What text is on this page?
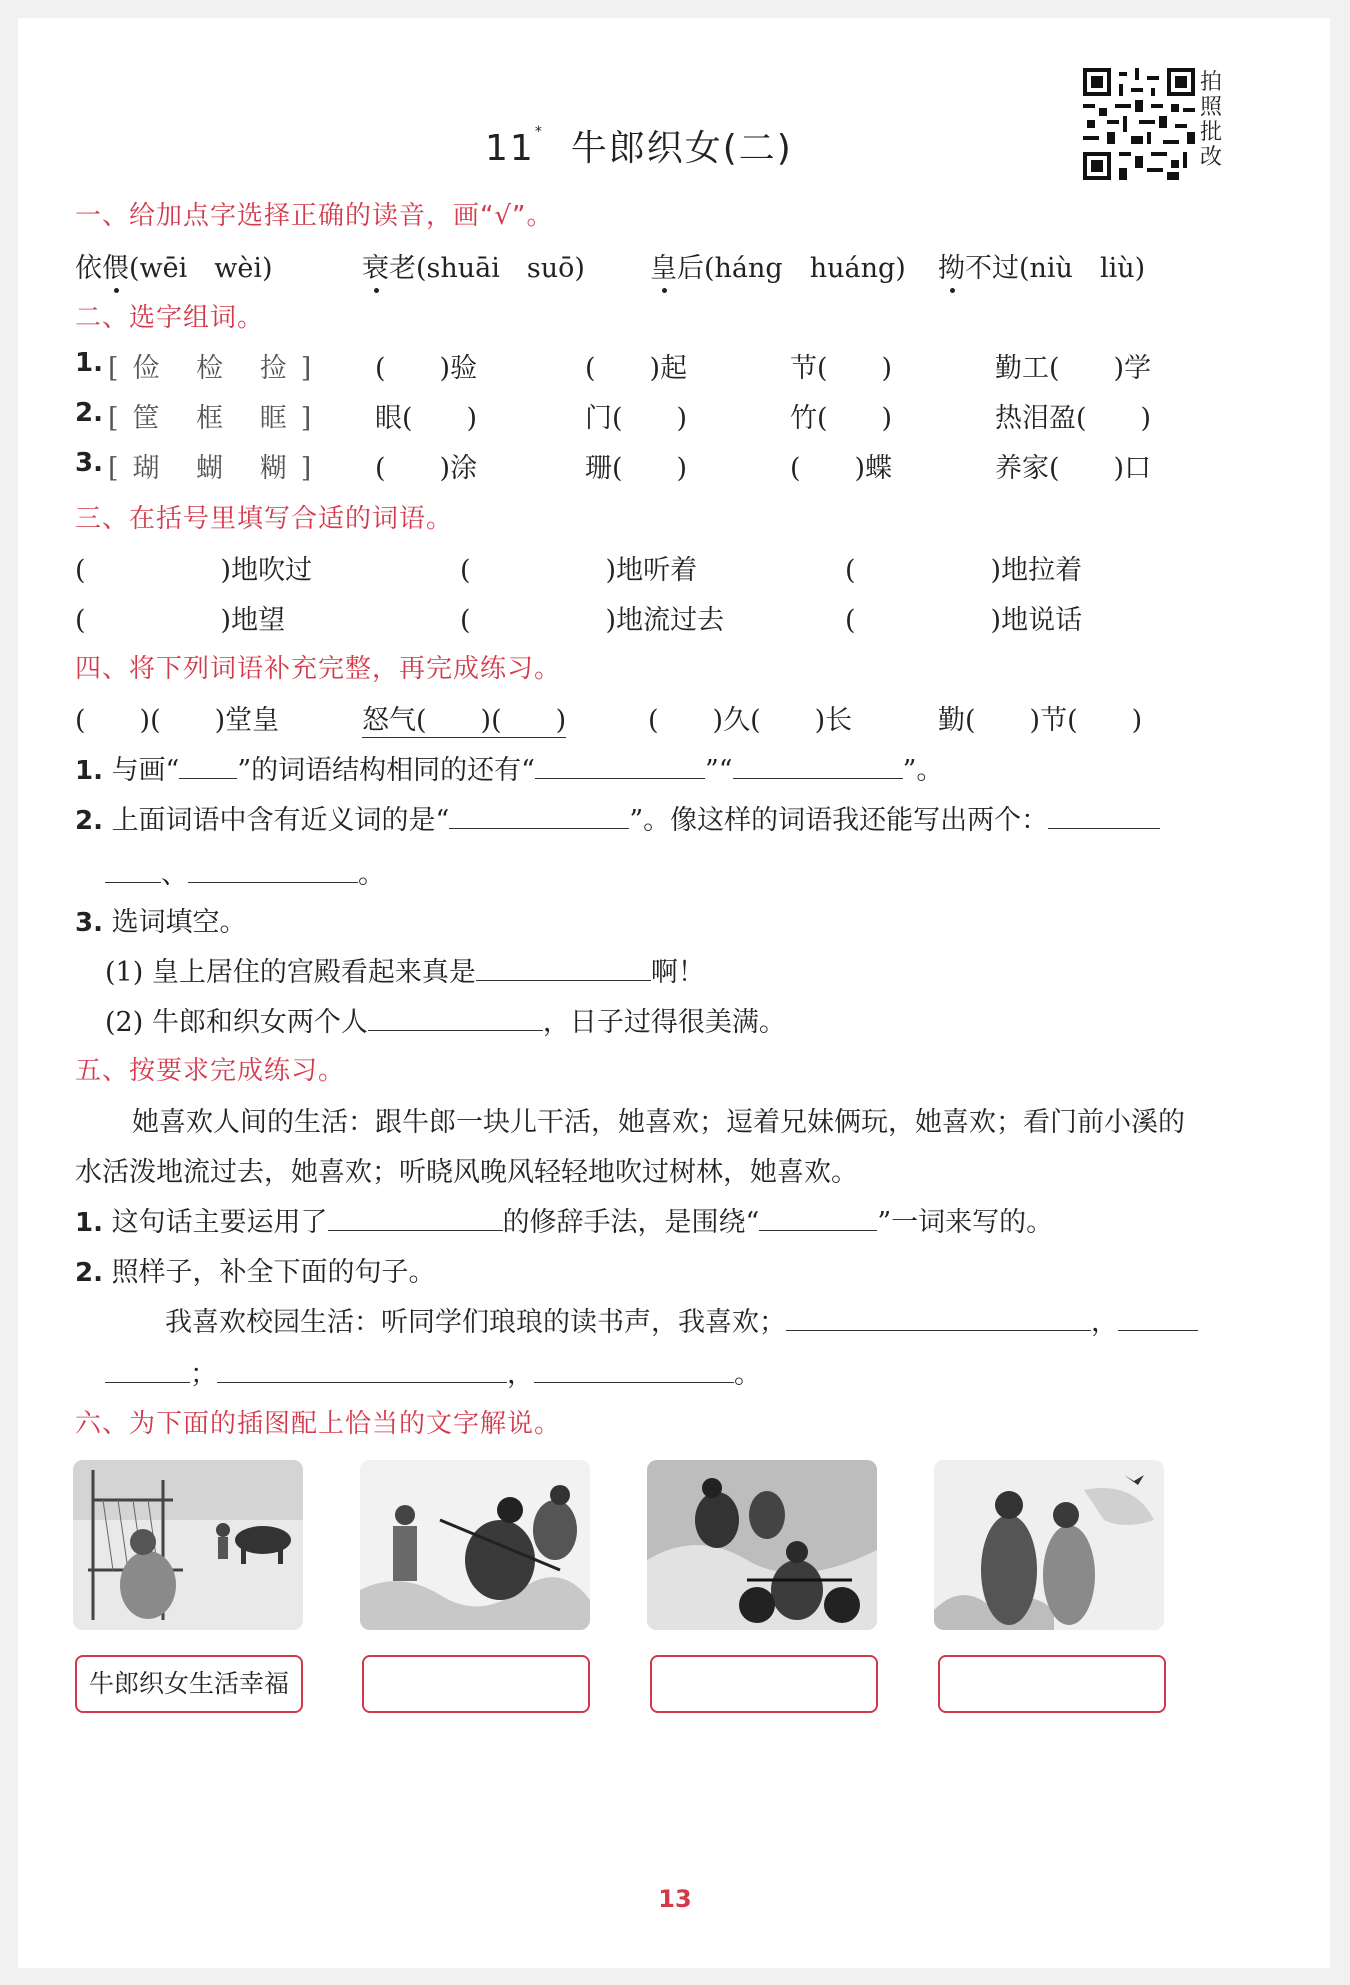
11* 牛郎织女(二)
拍照批改
一、给加点字选择正确的读音，画“√”。
依偎(wēi　wèi)	衰老(shuāi　suō) 皇后(háng　huáng) 拗不过(niù　liù)
二、选字组词。
1. [俭 检 捡] (　　)验	(　　)起	节(　　)	勤工(　　)学
2. [筐 框 眶] 眼(　　)	门(　　)	竹(　　)	热泪盈(　　)
3. [瑚 蝴 糊] (　　)涂	珊(　　)	(　　)蝶	养家(　　)口
三、在括号里填写合适的词语。
(　　　　　)地吹过	(　　　　　)地听着	(　　　　　)地拉着
(　　　　　)地望	(　　　　　)地流过去	(　　　　　)地说话
四、将下列词语补充完整，再完成练习。
(　　)(　　)堂皇	怒气(　　)(　　)	(　　)久(　　)长	勤(　　)节(　　)
1. 与画“ ”的词语结构相同的还有“	”“	”。
2. 上面词语中含有近义词的是“	”。像这样的词语我还能写出两个：
、	。
3. 选词填空。
(1) 皇上居住的宫殿看起来真是	啊！
(2) 牛郎和织女两个人	，日子过得很美满。
五、按要求完成练习。
她喜欢人间的生活：跟牛郎一块儿干活，她喜欢；逗着兄妹俩玩，她喜欢；看门前小溪的
水活泼地流过去，她喜欢；听晓风晚风轻轻地吹过树林，她喜欢。
1. 这句话主要运用了	的修辞手法，是围绕“	”一词来写的。
2. 照样子，补全下面的句子。
我喜欢校园生活：听同学们琅琅的读书声，我喜欢；	，
；	，	。
六、为下面的插图配上恰当的文字解说。
牛郎织女生活幸福
13
